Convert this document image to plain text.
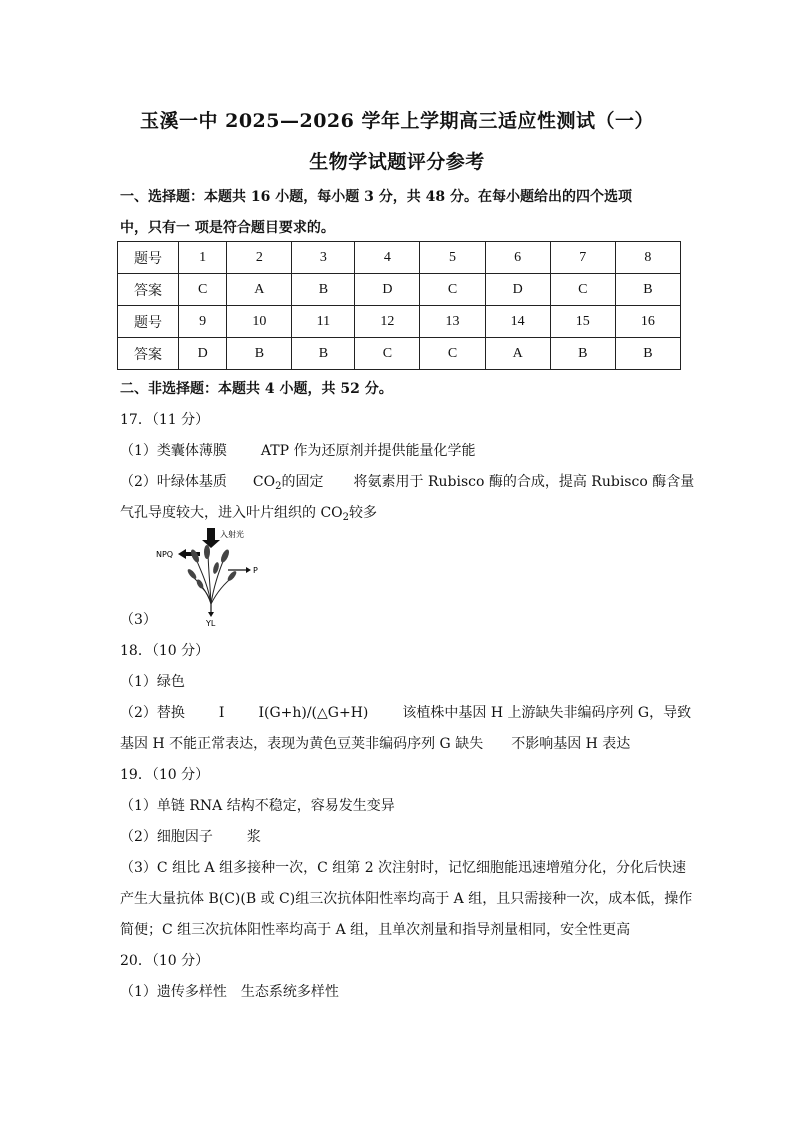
玉溪一中 2025—2026 学年上学期高三适应性测试（一）
生物学试题评分参考
一、选择题：本题共 16 小题，每小题 3 分，共 48 分。在每小题给出的四个选项
中，只有一 项是符合题目要求的。
题号	1	2	3	4	5	6	7	8
答案	C	A	B	D	C	D	C	B
题号	9	10	11	12	13	14	15	16
答案	D	B	B	C	C	A	B	B
二、非选择题：本题共 4 小题，共 52 分。
17．（11 分）
（1）类囊体薄膜 ATP 作为还原剂并提供能量化学能
（2）叶绿体基质 $CO_2$的固定 将氨素用于 Rubisco 酶的合成，提高 Rubisco 酶含量
气孔导度较大，进入叶片组织的 $CO_2$较多
（3）
入射光
NPQ
P
YL
18．（10 分）
（1）绿色
（2）替换 I I(G+h)/(△G+H) 该植株中基因 H 上游缺失非编码序列 G，导致
基因 H 不能正常表达，表现为黄色豆荚非编码序列 G 缺失 不影响基因 H 表达
19．（10 分）
（1）单链 RNA 结构不稳定，容易发生变异
（2）细胞因子 浆
（3）C 组比 A 组多接种一次，C 组第 2 次注射时，记忆细胞能迅速增殖分化，分化后快速
产生大量抗体 B(C)(B 或 C)组三次抗体阳性率均高于 A 组，且只需接种一次，成本低，操作
简便；C 组三次抗体阳性率均高于 A 组，且单次剂量和指导剂量相同，安全性更高
20．（10 分）
（1）遗传多样性 生态系统多样性
